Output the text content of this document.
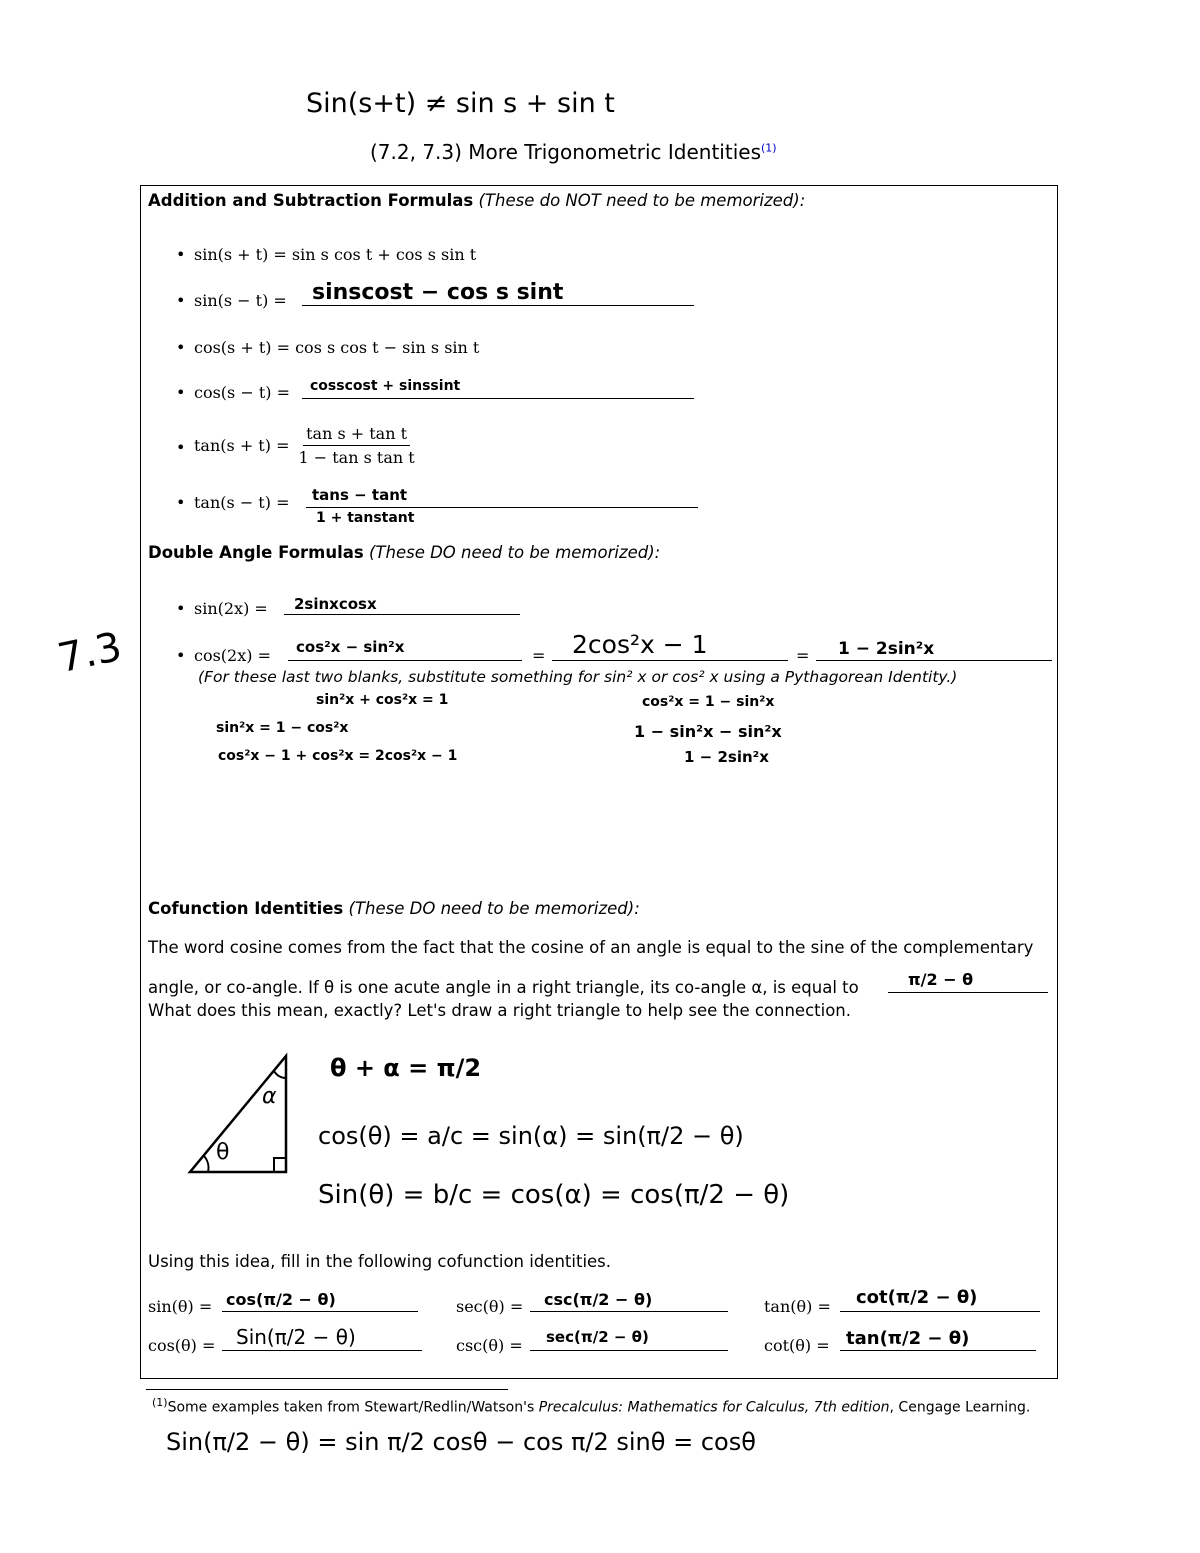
Sin(s+t) ≠ sin s + sin t
(7.2, 7.3) More Trigonometric Identities$^{(1)}$
7.3
Addition and Subtraction Formulas (These do NOT need to be memorized):
• sin(s + t) = sin s cos t + cos s sin t
• sin(s − t) = sinscost − cos s sint
• cos(s + t) = cos s cos t − sin s sin t
• cos(s − t) = cosscost + sinssint
• $\tan(s + t) = \frac{\text{tan s + tan t}}{\text{1 − tan s tan t}}$
• tan(s − t) = tans − tant
1 + tanstant
Double Angle Formulas (These DO need to be memorized):
• sin(2x) = 2sinxcosx
• cos(2x) = cos²x − sin²x	= 2cos²x − 1	= 1 − 2sin²x
(For these last two blanks, substitute something for sin² x or cos² x using a Pythagorean Identity.)
sin²x + cos²x = 1
sin²x = 1 − cos²x
cos²x − 1 + cos²x = 2cos²x − 1
cos²x = 1 − sin²x
1 − sin²x − sin²x
1 − 2sin²x
Cofunction Identities (These DO need to be memorized):
The word cosine comes from the fact that the cosine of an angle is equal to the sine of the complementary
angle, or co-angle. If θ is one acute angle in a right triangle, its co-angle α, is equal to	π/2 − θ
What does this mean, exactly? Let's draw a right triangle to help see the connection.
θ
α
θ + α = π/2
cos(θ) = a/c = sin(α) = sin(π/2 − θ)
Sin(θ) = b/c = cos(α) = cos(π/2 − θ)
Using this idea, fill in the following cofunction identities.
sin(θ) = cos(π/2 − θ)	sec(θ) = csc(π/2 − θ)	tan(θ) = cot(π/2 − θ)
cos(θ) = Sin(π/2 − θ)	csc(θ) = sec(π/2 − θ)	cot(θ) = tan(π/2 − θ)
$^{(1)}$Some examples taken from Stewart/Redlin/Watson's Precalculus: Mathematics for Calculus, 7th edition, Cengage Learning.
Sin(π/2 − θ) = sin π/2 cosθ − cos π/2 sinθ = cosθ
